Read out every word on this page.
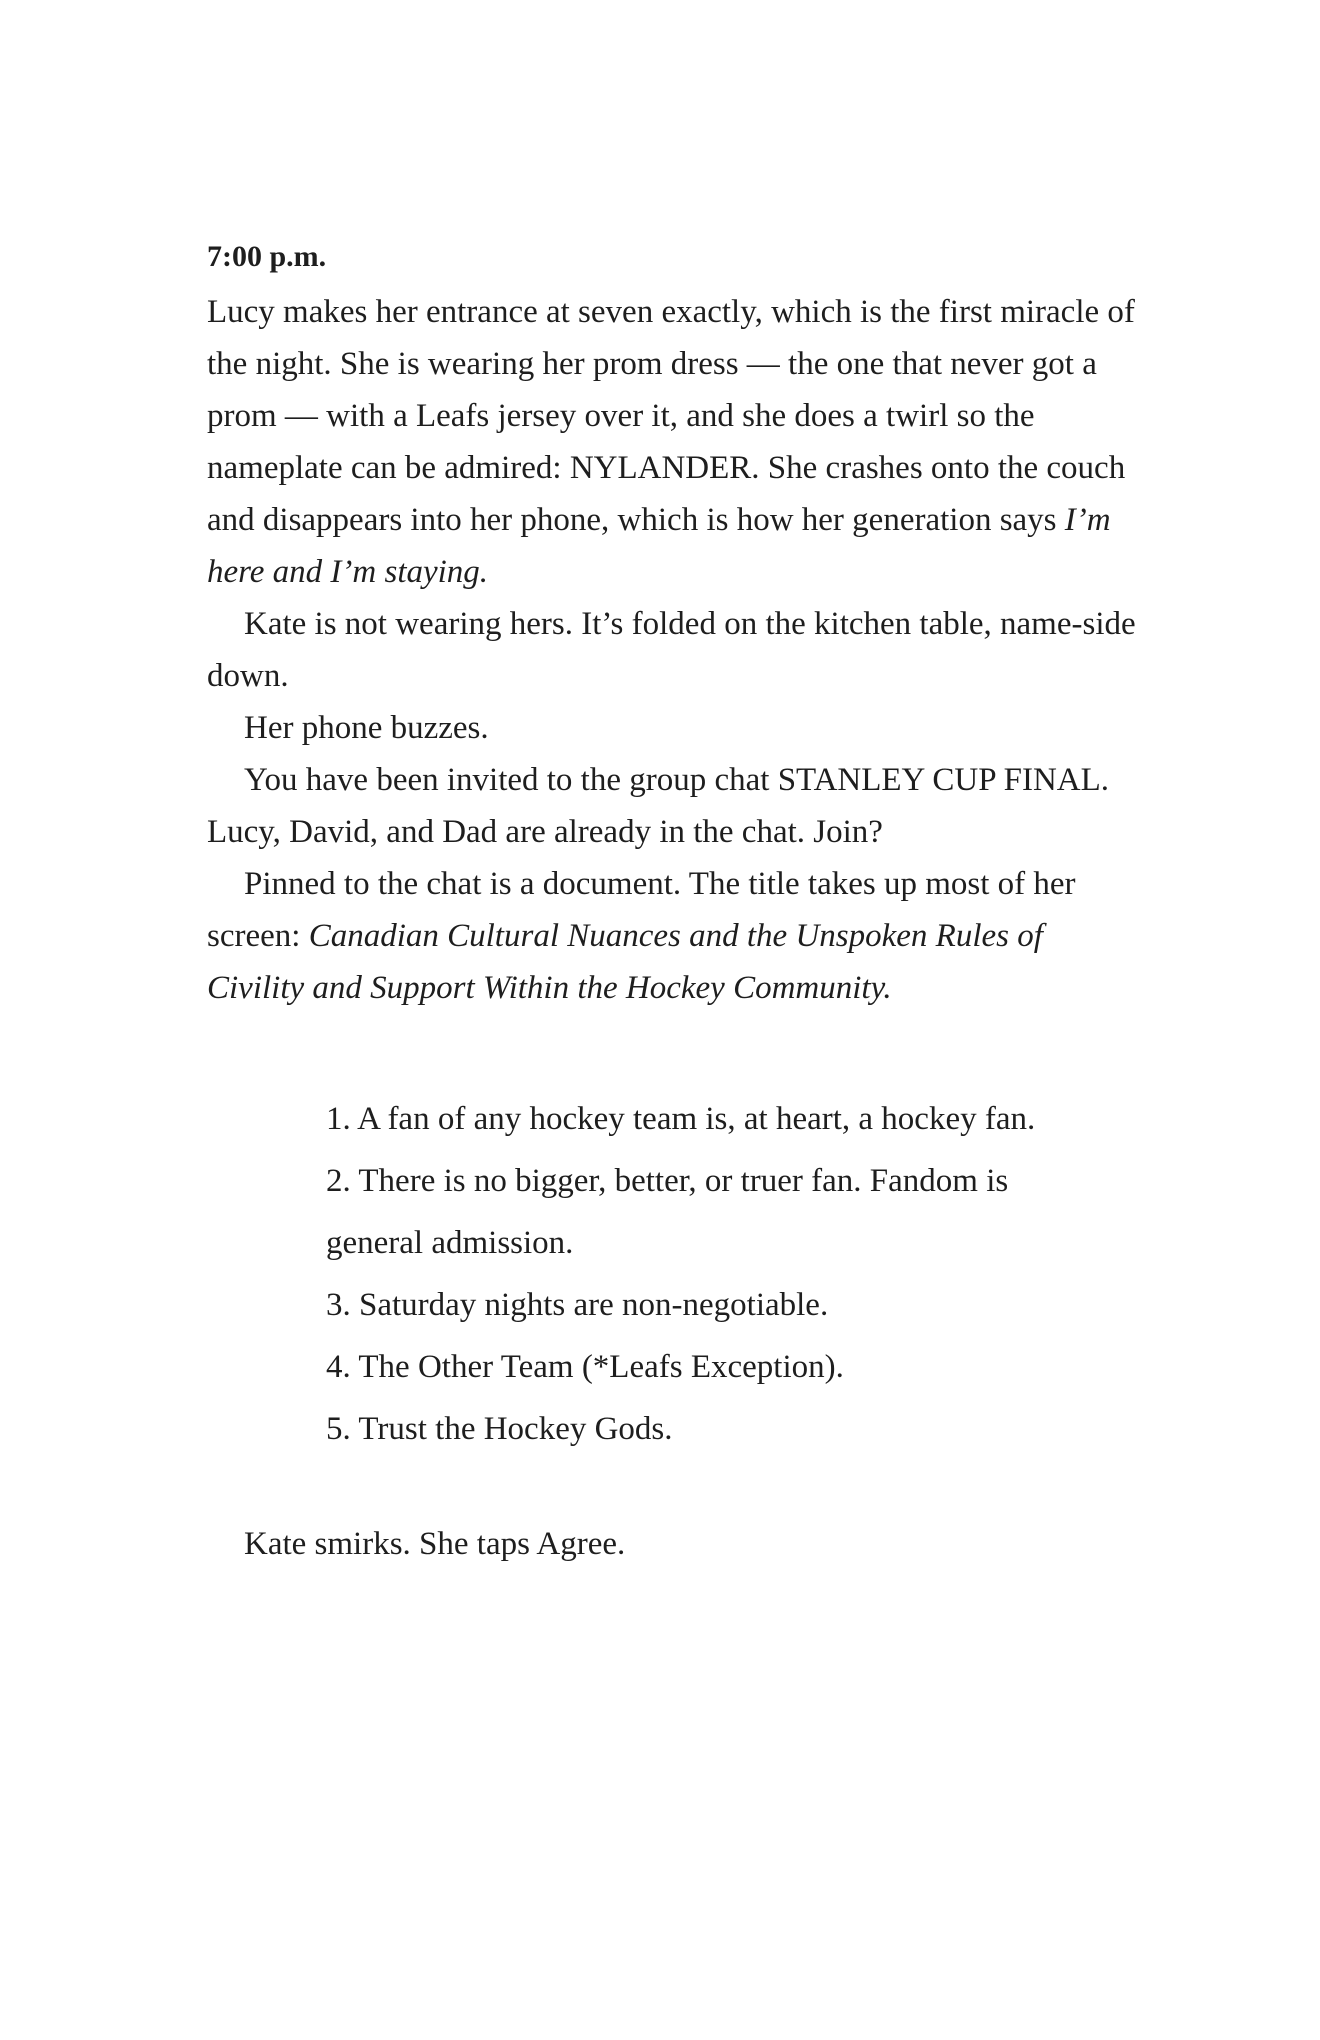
7:00 p.m.

Lucy makes her entrance at seven exactly, which is the first miracle of the night. She is wearing her prom dress — the one that never got a prom — with a Leafs jersey over it, and she does a twirl so the nameplate can be admired: NYLANDER. She crashes onto the couch and disappears into her phone, which is how her generation says I’m here and I’m staying.

Kate is not wearing hers. It’s folded on the kitchen table, name-side down.

Her phone buzzes.

You have been invited to the group chat STANLEY CUP FINAL. Lucy, David, and Dad are already in the chat. Join?

Pinned to the chat is a document. The title takes up most of her screen: Canadian Cultural Nuances and the Unspoken Rules of Civility and Support Within the Hockey Community.

1. A fan of any hockey team is, at heart, a hockey fan.
2. There is no bigger, better, or truer fan. Fandom is general admission.
3. Saturday nights are non-negotiable.
4. The Other Team (*Leafs Exception).
5. Trust the Hockey Gods.

Kate smirks. She taps Agree.
